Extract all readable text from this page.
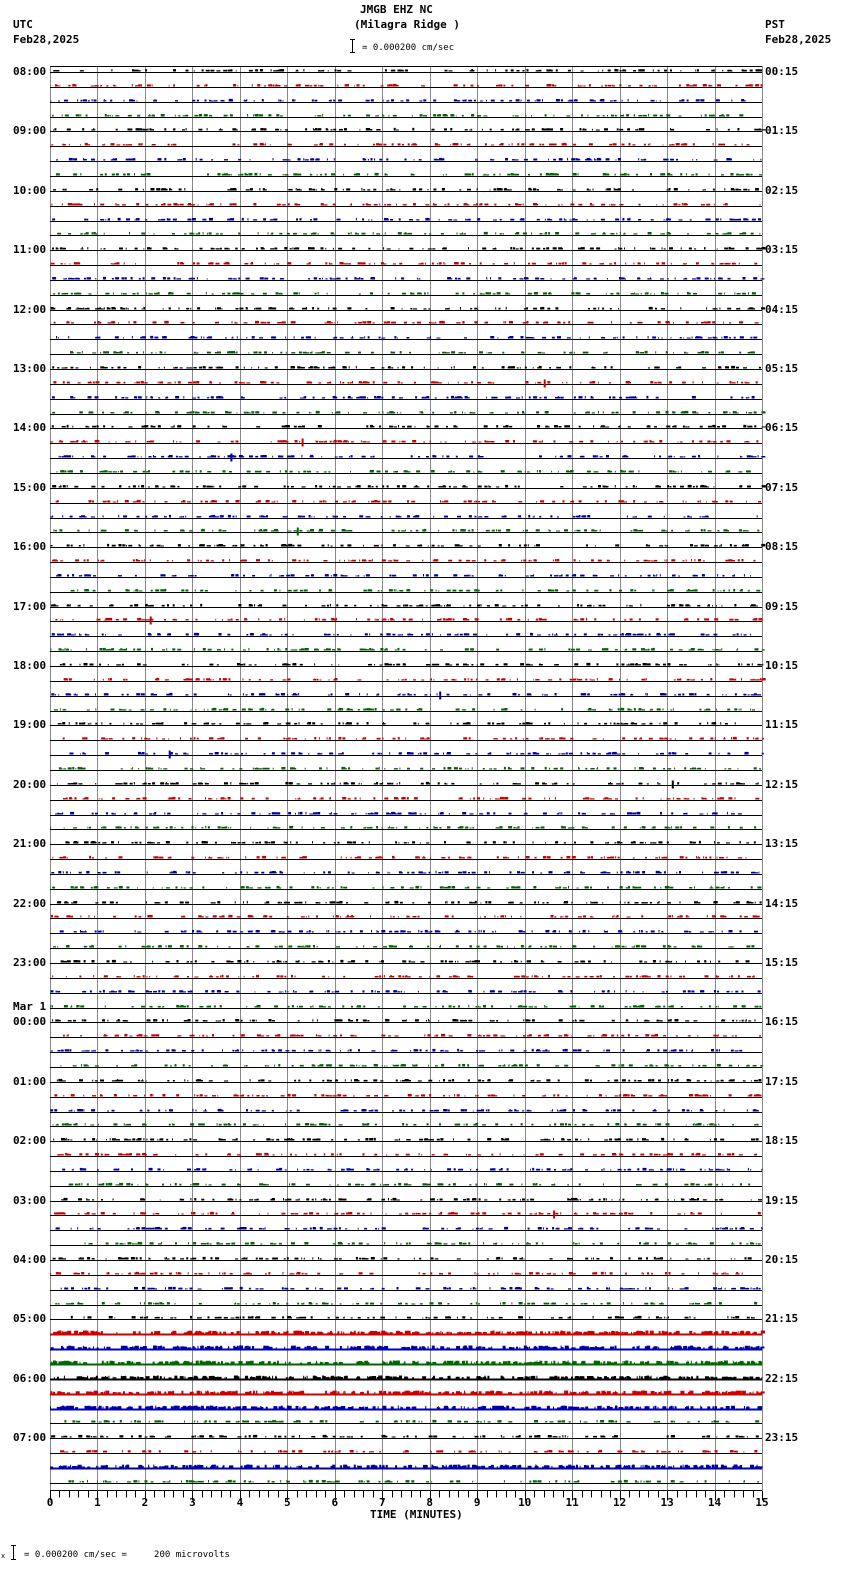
JMGB EHZ NC
(Milagra Ridge )
UTC
Feb28,2025
PST
Feb28,2025
= 0.000200 cm/sec
08:00
09:00
10:00
11:00
12:00
13:00
14:00
15:00
16:00
17:00
18:00
19:00
20:00
21:00
22:00
23:00
Mar 1
00:00
01:00
02:00
03:00
04:00
05:00
06:00
07:00
00:15
01:15
02:15
03:15
04:15
05:15
06:15
07:15
08:15
09:15
10:15
11:15
12:15
13:15
14:15
15:15
16:15
17:15
18:15
19:15
20:15
21:15
22:15
23:15
0	1	2	3	4	5	6	7	8	9	10	11	12	13	14	15
TIME (MINUTES)
x = 0.000200 cm/sec =     200 microvolts
